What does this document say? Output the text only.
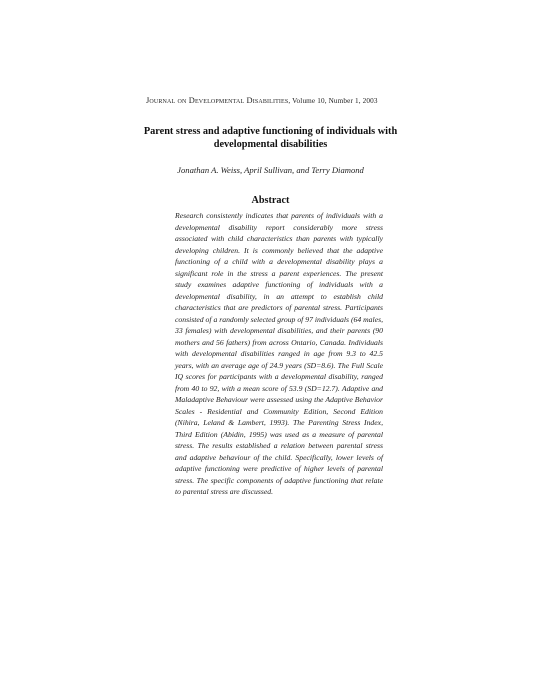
Journal on Developmental Disabilities, Volume 10, Number 1, 2003
Parent stress and adaptive functioning of individuals with developmental disabilities
Jonathan A. Weiss, April Sullivan, and Terry Diamond
Abstract

Research consistently indicates that parents of individuals with a developmental disability report considerably more stress associated with child characteristics than parents with typically developing children. It is commonly believed that the adaptive functioning of a child with a developmental disability plays a significant role in the stress a parent experiences. The present study examines adaptive functioning of individuals with a developmental disability, in an attempt to establish child characteristics that are predictors of parental stress. Participants consisted of a randomly selected group of 97 individuals (64 males, 33 females) with developmental disabilities, and their parents (90 mothers and 56 fathers) from across Ontario, Canada. Individuals with developmental disabilities ranged in age from 9.3 to 42.5 years, with an average age of 24.9 years (SD=8.6). The Full Scale IQ scores for participants with a developmental disability, ranged from 40 to 92, with a mean score of 53.9 (SD=12.7). Adaptive and Maladaptive Behaviour were assessed using the Adaptive Behavior Scales - Residential and Community Edition, Second Edition (Nihira, Leland & Lambert, 1993). The Parenting Stress Index, Third Edition (Abidin, 1995) was used as a measure of parental stress. The results established a relation between parental stress and adaptive behaviour of the child. Specifically, lower levels of adaptive functioning were predictive of higher levels of parental stress. The specific components of adaptive functioning that relate to parental stress are discussed.
